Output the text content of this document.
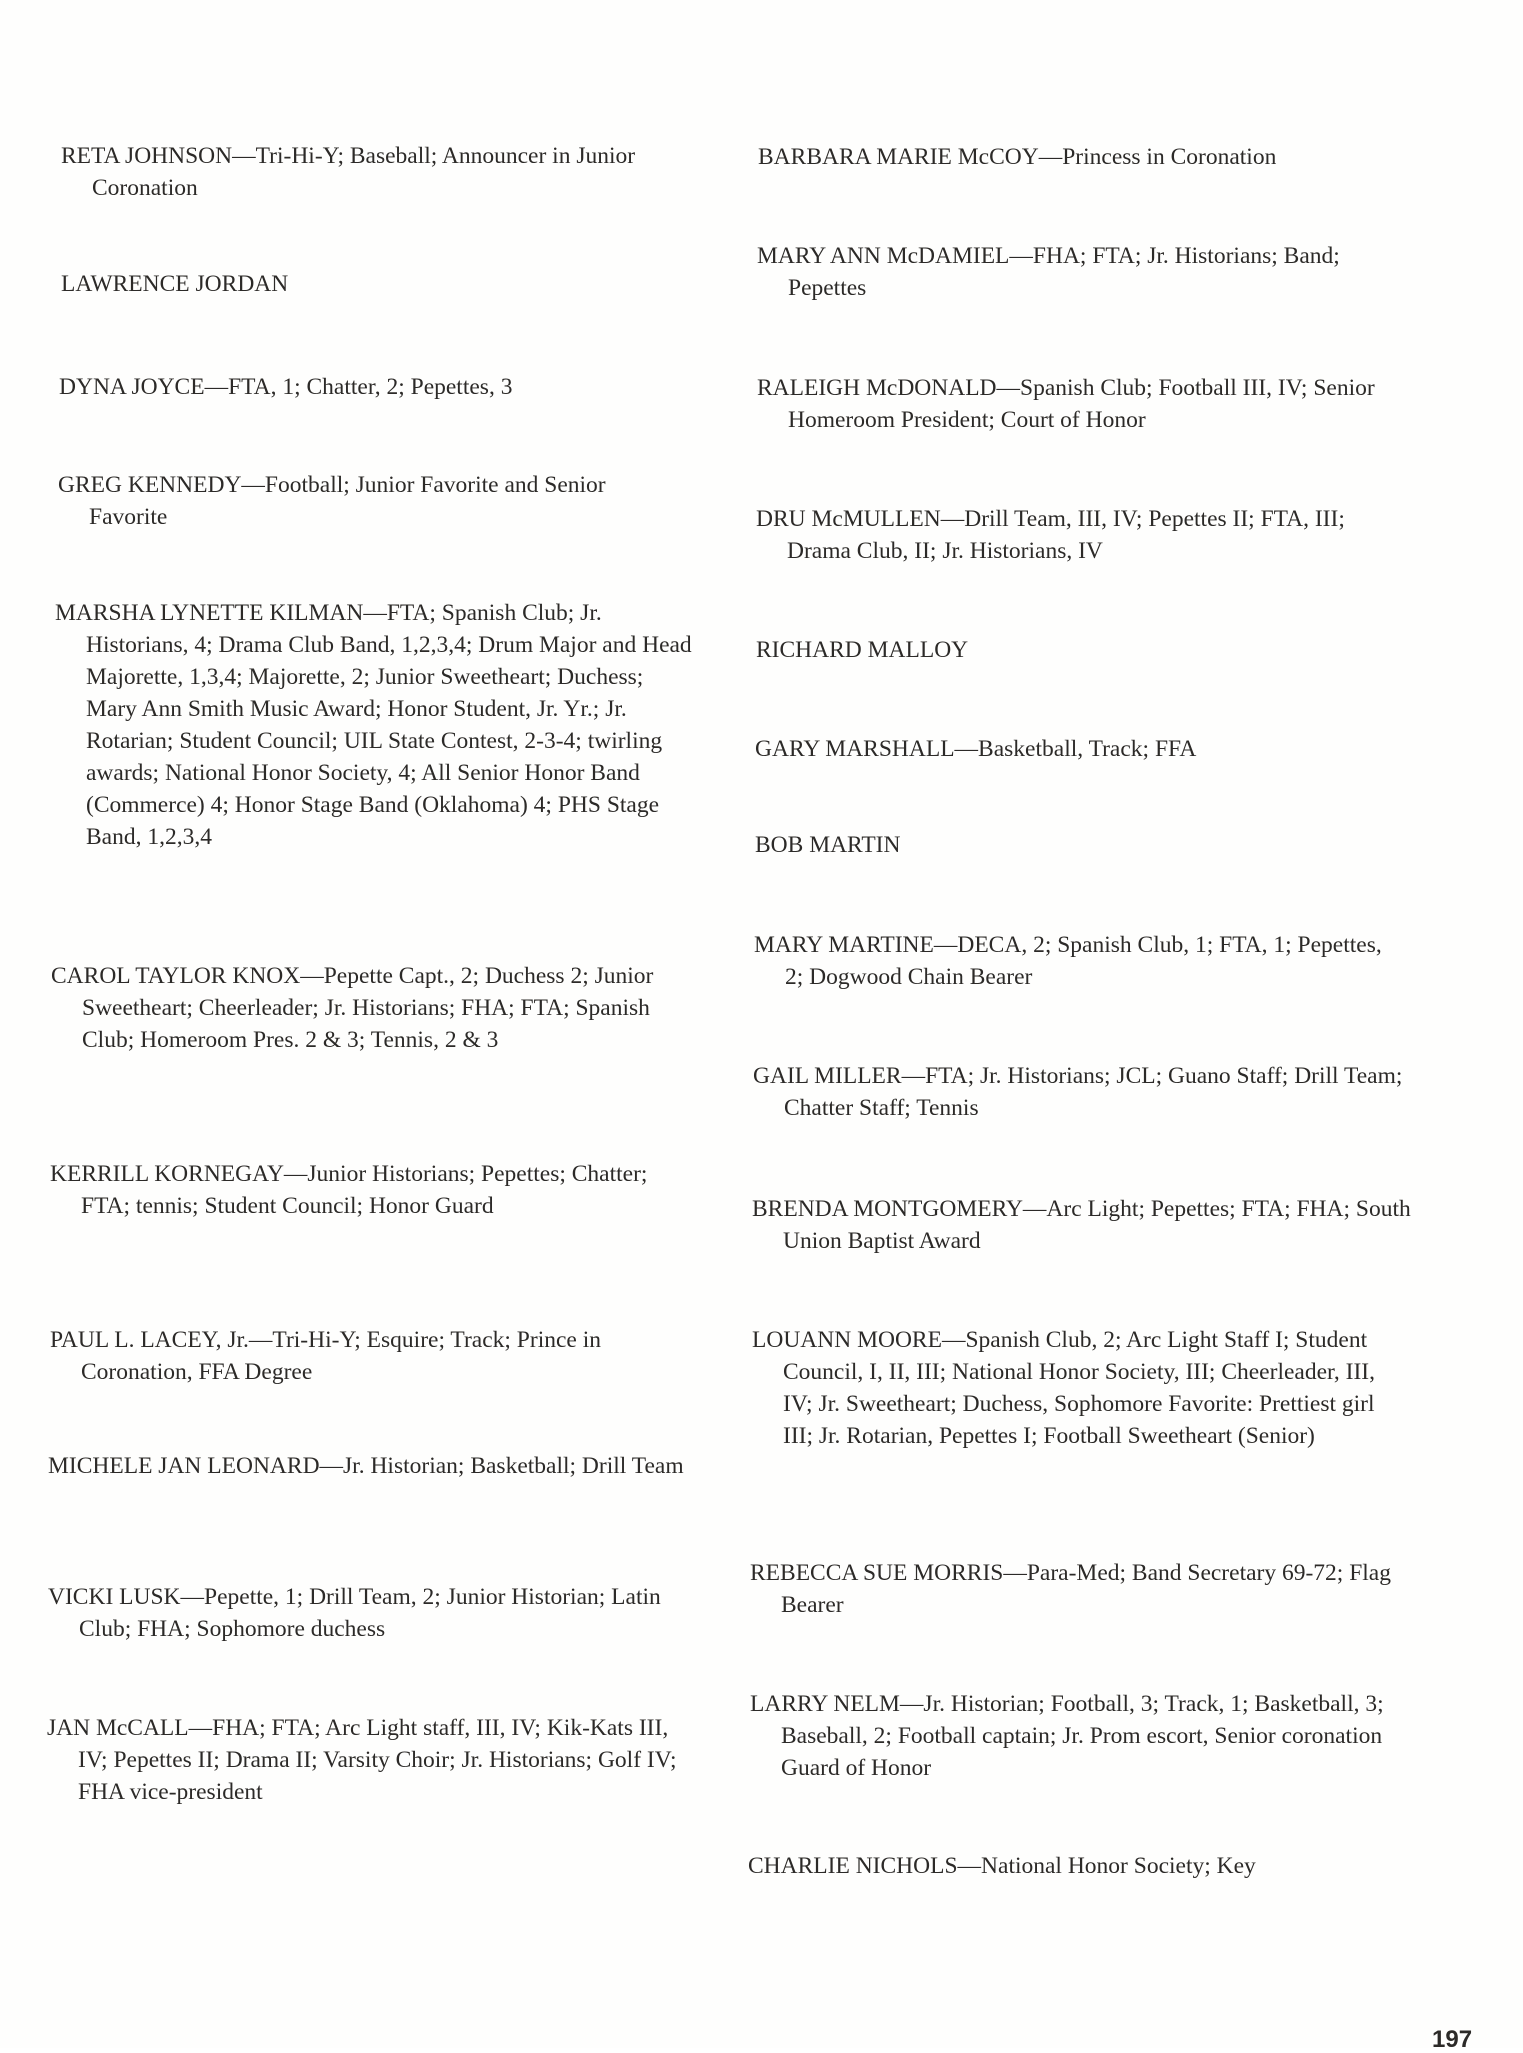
RETA JOHNSON—Tri-Hi-Y; Baseball; Announcer in Junior Coronation

LAWRENCE JORDAN

DYNA JOYCE—FTA, 1; Chatter, 2; Pepettes, 3

GREG KENNEDY—Football; Junior Favorite and Senior Favorite

MARSHA LYNETTE KILMAN—FTA; Spanish Club; Jr. Historians, 4; Drama Club Band, 1,2,3,4; Drum Major and Head Majorette, 1,3,4; Majorette, 2; Junior Sweetheart; Duchess; Mary Ann Smith Music Award; Honor Student, Jr. Yr.; Jr. Rotarian; Student Council; UIL State Contest, 2-3-4; twirling awards; National Honor Society, 4; All Senior Honor Band (Commerce) 4; Honor Stage Band (Oklahoma) 4; PHS Stage Band, 1,2,3,4

CAROL TAYLOR KNOX—Pepette Capt., 2; Duchess 2; Junior Sweetheart; Cheerleader; Jr. Historians; FHA; FTA; Spanish Club; Homeroom Pres. 2 & 3; Tennis, 2 & 3

KERRILL KORNEGAY—Junior Historians; Pepettes; Chatter; FTA; tennis; Student Council; Honor Guard

PAUL L. LACEY, Jr.—Tri-Hi-Y; Esquire; Track; Prince in Coronation, FFA Degree

MICHELE JAN LEONARD—Jr. Historian; Basketball; Drill Team

VICKI LUSK—Pepette, 1; Drill Team, 2; Junior Historian; Latin Club; FHA; Sophomore duchess

JAN McCALL—FHA; FTA; Arc Light staff, III, IV; Kik-Kats III, IV; Pepettes II; Drama II; Varsity Choir; Jr. Historians; Golf IV; FHA vice-president

BARBARA MARIE McCOY—Princess in Coronation

MARY ANN McDAMIEL—FHA; FTA; Jr. Historians; Band; Pepettes

RALEIGH McDONALD—Spanish Club; Football III, IV; Senior Homeroom President; Court of Honor

DRU McMULLEN—Drill Team, III, IV; Pepettes II; FTA, III; Drama Club, II; Jr. Historians, IV

RICHARD MALLOY

GARY MARSHALL—Basketball, Track; FFA

BOB MARTIN

MARY MARTINE—DECA, 2; Spanish Club, 1; FTA, 1; Pepettes, 2; Dogwood Chain Bearer

GAIL MILLER—FTA; Jr. Historians; JCL; Guano Staff; Drill Team; Chatter Staff; Tennis

BRENDA MONTGOMERY—Arc Light; Pepettes; FTA; FHA; South Union Baptist Award

LOUANN MOORE—Spanish Club, 2; Arc Light Staff I; Student Council, I, II, III; National Honor Society, III; Cheerleader, III, IV; Jr. Sweetheart; Duchess, Sophomore Favorite: Prettiest girl III; Jr. Rotarian, Pepettes I; Football Sweetheart (Senior)

REBECCA SUE MORRIS—Para-Med; Band Secretary 69-72; Flag Bearer

LARRY NELM—Jr. Historian; Football, 3; Track, 1; Basketball, 3; Baseball, 2; Football captain; Jr. Prom escort, Senior coronation Guard of Honor

CHARLIE NICHOLS—National Honor Society; Key

197
